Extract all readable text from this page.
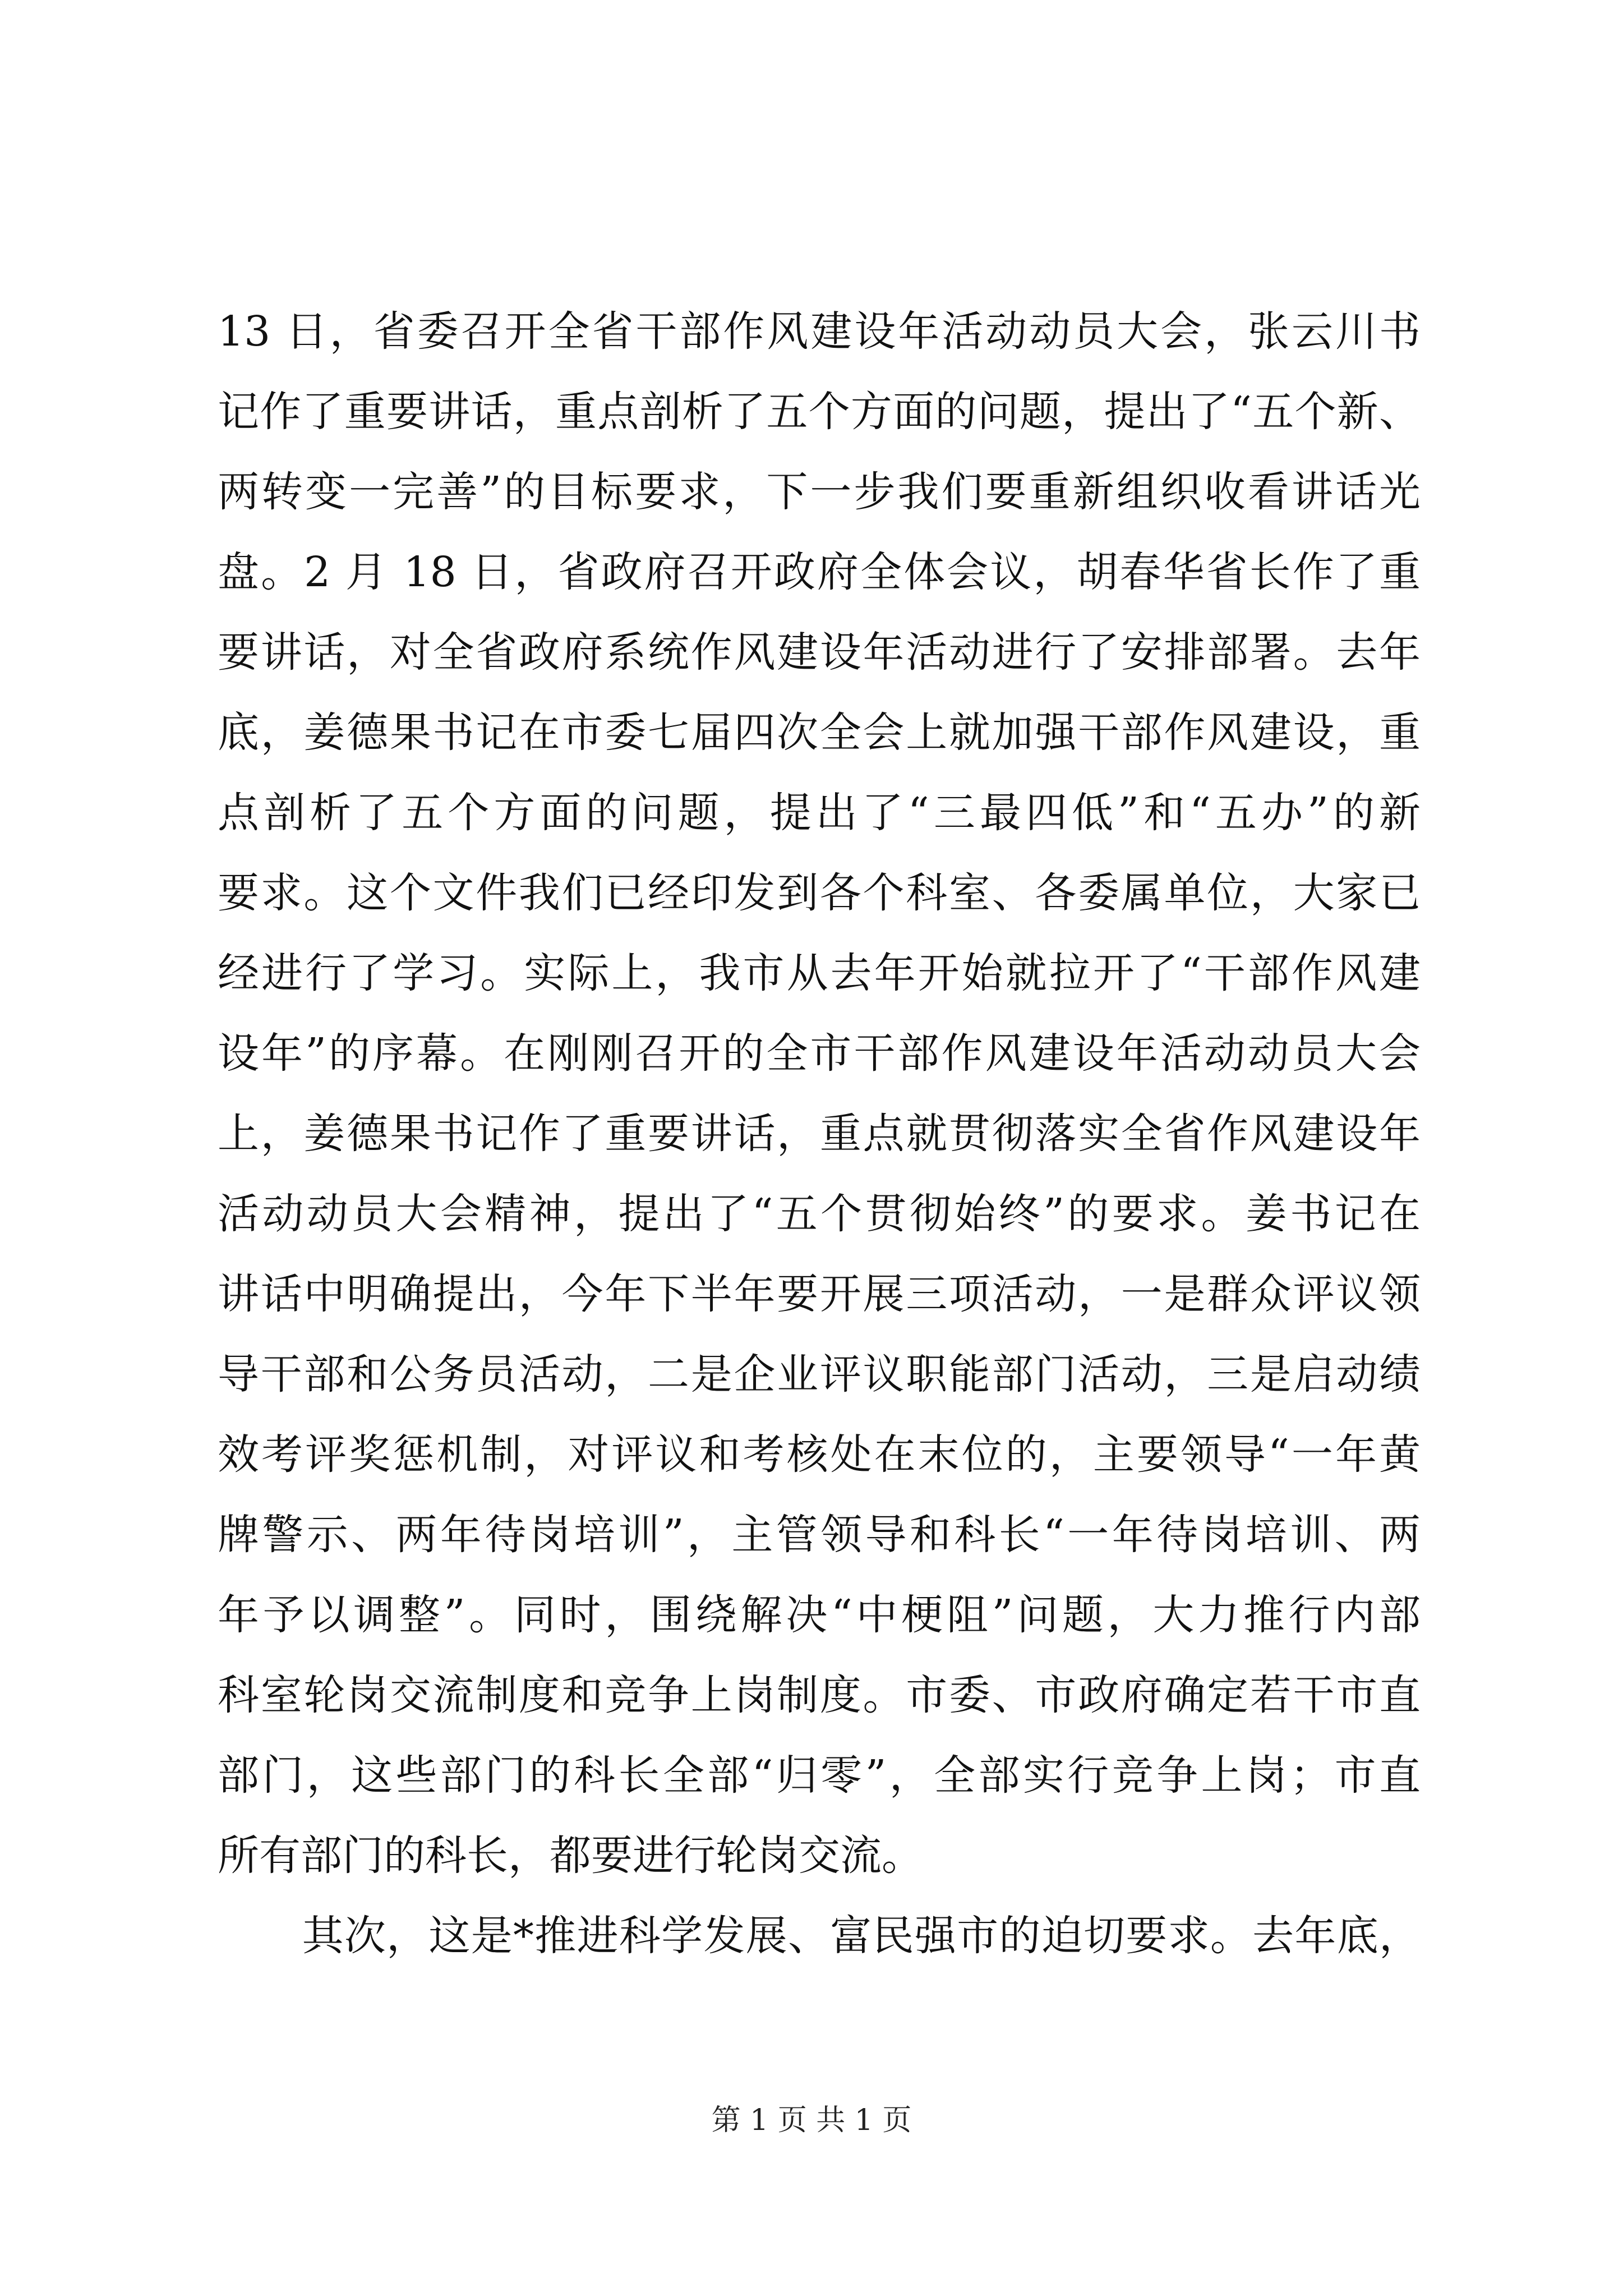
13 日，省委召开全省干部作风建设年活动动员大会，张云川书
记作了重要讲话，重点剖析了五个方面的问题，提出了“五个新、
两转变一完善”的目标要求，下一步我们要重新组织收看讲话光
盘。2 月 18 日，省政府召开政府全体会议，胡春华省长作了重
要讲话，对全省政府系统作风建设年活动进行了安排部署。去年
底，姜德果书记在市委七届四次全会上就加强干部作风建设，重
点剖析了五个方面的问题，提出了“三最四低”和“五办”的新
要求。这个文件我们已经印发到各个科室、各委属单位，大家已
经进行了学习。实际上，我市从去年开始就拉开了“干部作风建
设年”的序幕。在刚刚召开的全市干部作风建设年活动动员大会
上，姜德果书记作了重要讲话，重点就贯彻落实全省作风建设年
活动动员大会精神，提出了“五个贯彻始终”的要求。姜书记在
讲话中明确提出，今年下半年要开展三项活动，一是群众评议领
导干部和公务员活动，二是企业评议职能部门活动，三是启动绩
效考评奖惩机制，对评议和考核处在末位的，主要领导“一年黄
牌警示、两年待岗培训”，主管领导和科长“一年待岗培训、两
年予以调整”。同时，围绕解决“中梗阻”问题，大力推行内部
科室轮岗交流制度和竞争上岗制度。市委、市政府确定若干市直
部门，这些部门的科长全部“归零”，全部实行竞争上岗；市直
所有部门的科长，都要进行轮岗交流。
　　其次，这是*推进科学发展、富民强市的迫切要求。去年底，
第 1 页 共 1 页
